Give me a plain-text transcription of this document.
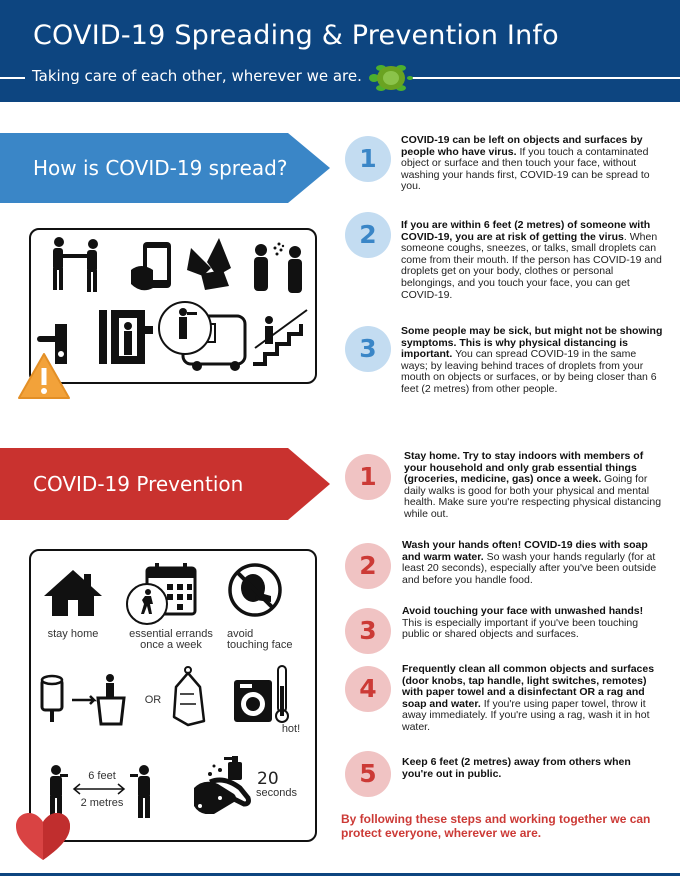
COVID-19 Spreading & Prevention Info
Taking care of each other, wherever we are.
How is COVID-19 spread?	1
COVID-19 can be left on objects and surfaces by people who have virus. If you touch a contaminated object or surface and then touch your face, without washing your hands first, COVID-19 can be spread to you.
2	If you are within 6 feet (2 metres) of someone with COVID-19, you are at risk of getting the virus. When someone coughs, sneezes, or talks, small droplets can come from their mouth. If the person has COVID-19 and droplets get on your body, clothes or personal belongings, and you touch your face, you can get COVID-19.
3
Some people may be sick, but might not be showing symptoms. This is why physical distancing is important. You can spread COVID-19 in the same ways; by leaving behind traces of droplets from your mouth on objects or surfaces, or by being closer than 6 feet (2 metres) from other people.
COVID-19 Prevention
stay home	essential errands
once a week
avoid
touching face
OR
hot!
6 feet
2 metres
20
seconds
1
Stay home. Try to stay indoors with members of your household and only grab essential things (groceries, medicine, gas) once a week. Going for daily walks is good for both your physical and mental health. Make sure you're respecting physical distancing while out.
2
Wash your hands often! COVID-19 dies with soap and warm water. So wash your hands regularly (for at least 20 seconds), especially after you've been outside and before you handle food.
3
Avoid touching your face with unwashed hands! This is especially important if you've been touching public or shared objects and surfaces.
4
Frequently clean all common objects and surfaces (door knobs, tap handle, light switches, remotes) with paper towel and a disinfectant OR a rag and soap and water. If you're using paper towel, throw it away immediately. If you're using a rag, wash it in hot water.
5	Keep 6 feet (2 metres) away from others when you're out in public.
By following these steps and working together we can protect everyone, wherever we are.
